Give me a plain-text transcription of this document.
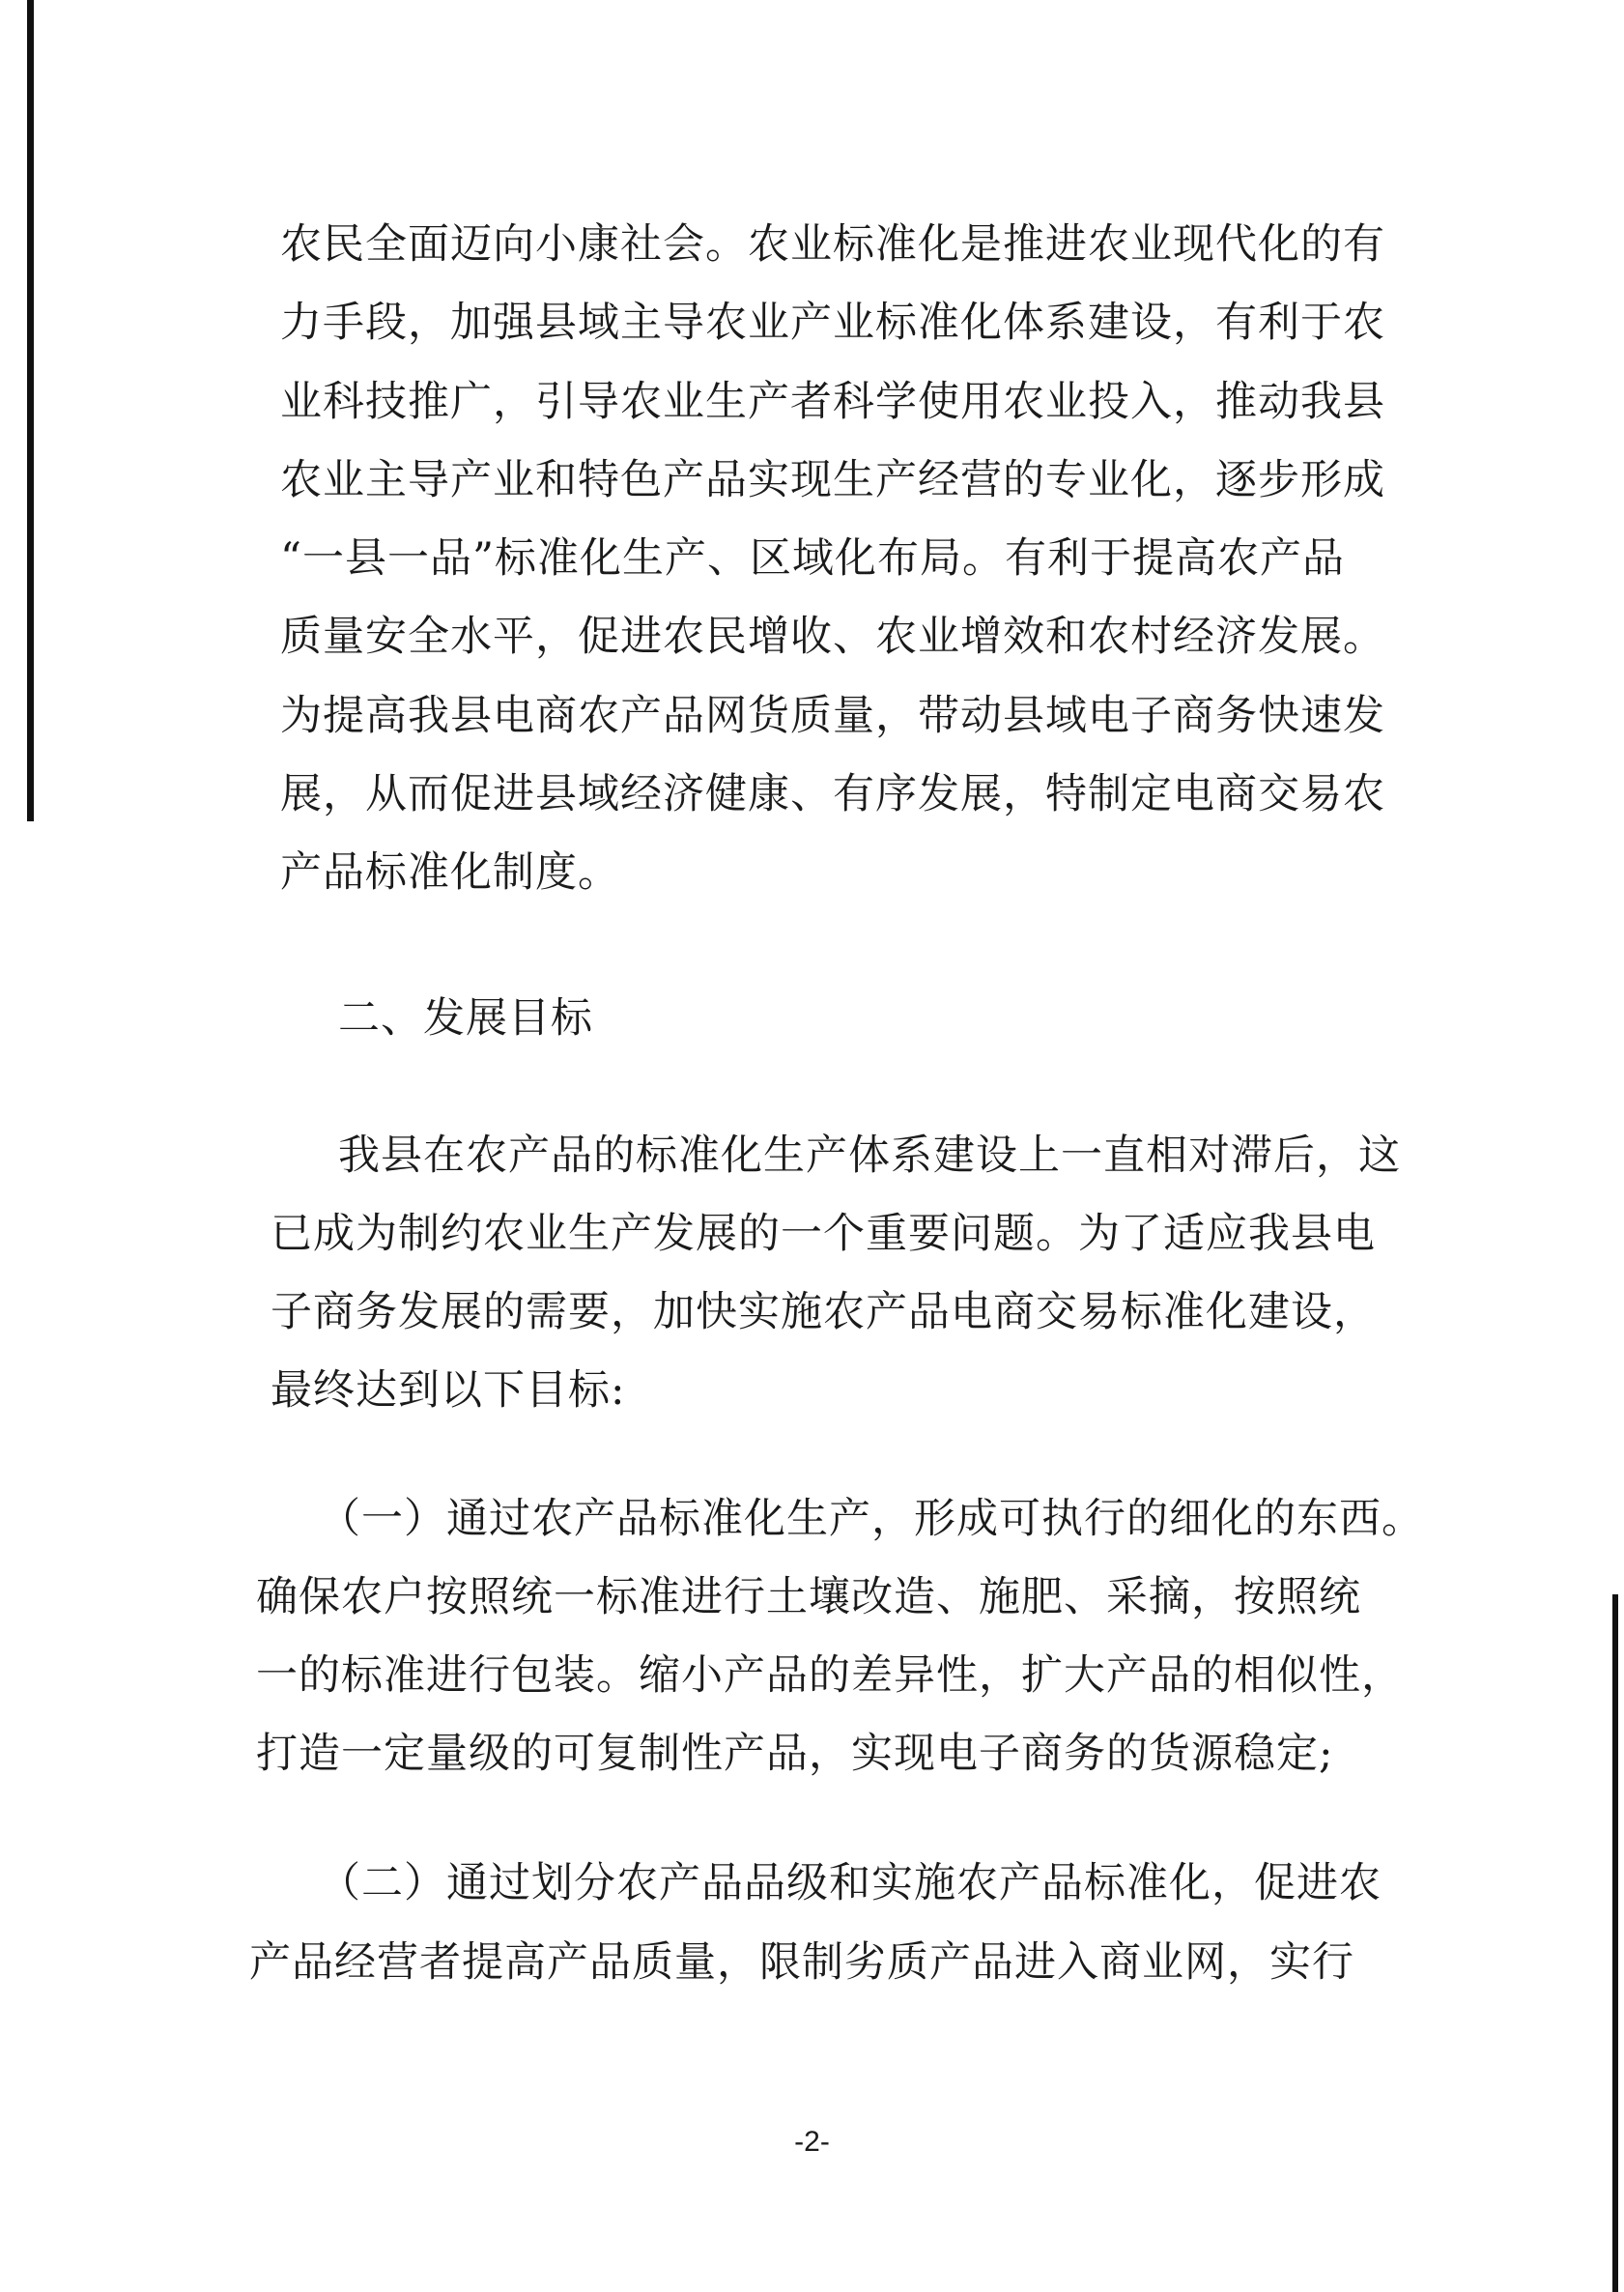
农民全面迈向小康社会。农业标准化是推进农业现代化的有
力手段，加强县域主导农业产业标准化体系建设，有利于农
业科技推广，引导农业生产者科学使用农业投入，推动我县
农业主导产业和特色产品实现生产经营的专业化，逐步形成
“一县一品”标准化生产、区域化布局。有利于提高农产品
质量安全水平，促进农民增收、农业增效和农村经济发展。
为提高我县电商农产品网货质量，带动县域电子商务快速发
展，从而促进县域经济健康、有序发展，特制定电商交易农
产品标准化制度。
二、发展目标
我县在农产品的标准化生产体系建设上一直相对滞后，这
已成为制约农业生产发展的一个重要问题。为了适应我县电
子商务发展的需要，加快实施农产品电商交易标准化建设，
最终达到以下目标:
（一）通过农产品标准化生产，形成可执行的细化的东西。
确保农户按照统一标准进行土壤改造、施肥、采摘，按照统
一的标准进行包装。缩小产品的差异性，扩大产品的相似性，
打造一定量级的可复制性产品，实现电子商务的货源稳定;
（二）通过划分农产品品级和实施农产品标准化，促进农
产品经营者提高产品质量，限制劣质产品进入商业网，实行
-2-
